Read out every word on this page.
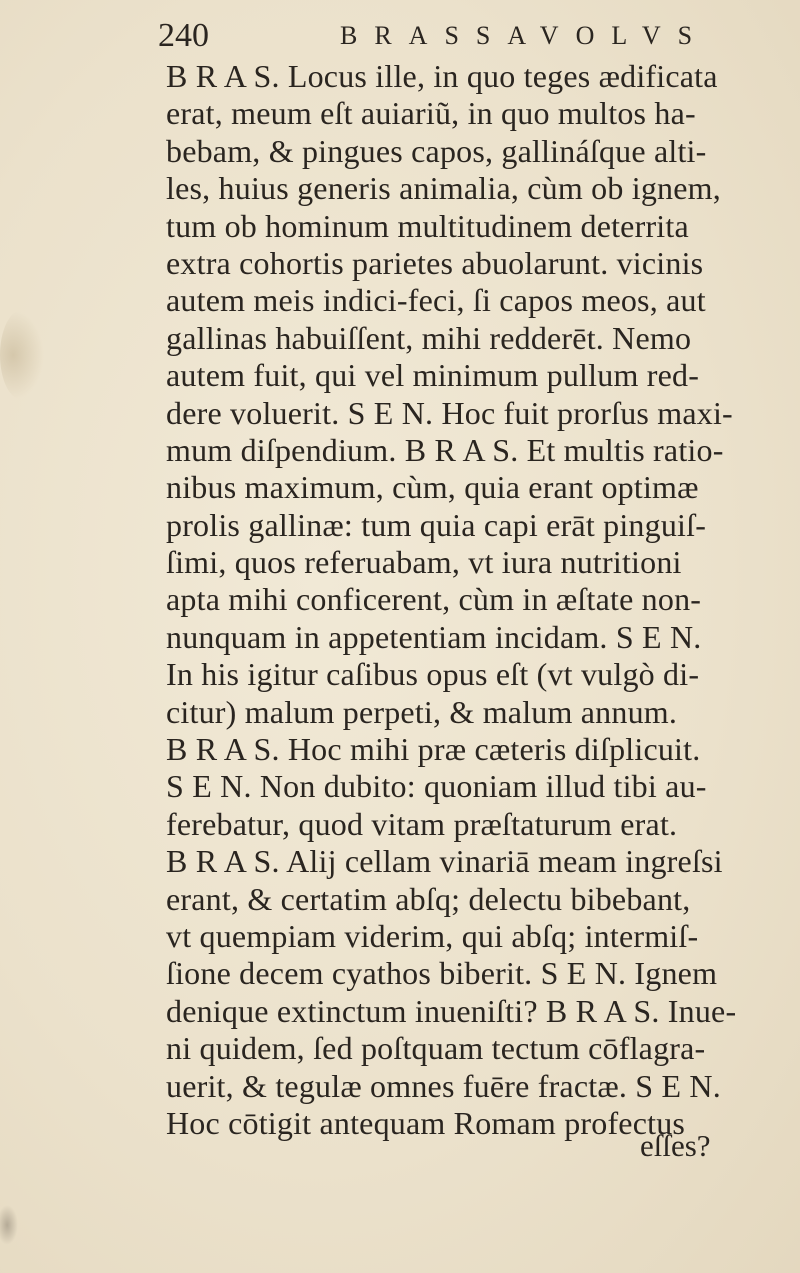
240	BRASSAVOLVS
B R A S. Locus ille, in quo teges ædificata
erat, meum eſt auiariũ, in quo multos ha-
bebam, & pingues capos, gallináſque alti-
les, huius generis animalia, cùm ob ignem,
tum ob hominum multitudinem deterrita
extra cohortis parietes abuolarunt. vicinis
autem meis indici-feci, ſi capos meos, aut
gallinas habuiſſent, mihi redderēt. Nemo
autem fuit, qui vel minimum pullum red-
dere voluerit. S E N. Hoc fuit prorſus maxi-
mum diſpendium. B R A S. Et multis ratio-
nibus maximum, cùm, quia erant optimæ
prolis gallinæ: tum quia capi erāt pinguiſ-
ſimi, quos referuabam, vt iura nutritioni
apta mihi conficerent, cùm in æſtate non-
nunquam in appetentiam incidam. S E N.
In his igitur caſibus opus eſt (vt vulgò di-
citur) malum perpeti, & malum annum.
B R A S. Hoc mihi præ cæteris diſplicuit.
S E N. Non dubito: quoniam illud tibi au-
ferebatur, quod vitam præſtaturum erat.
B R A S. Alij cellam vinariā meam ingreſsi
erant, & certatim abſq; delectu bibebant,
vt quempiam viderim, qui abſq; intermiſ-
ſione decem cyathos biberit. S E N. Ignem
denique extinctum inueniſti? B R A S. Inue-
ni quidem, ſed poſtquam tectum cōflagra-
uerit, & tegulæ omnes fuēre fractæ. S E N.
Hoc cōtigit antequam Romam profectus
eſſes?
